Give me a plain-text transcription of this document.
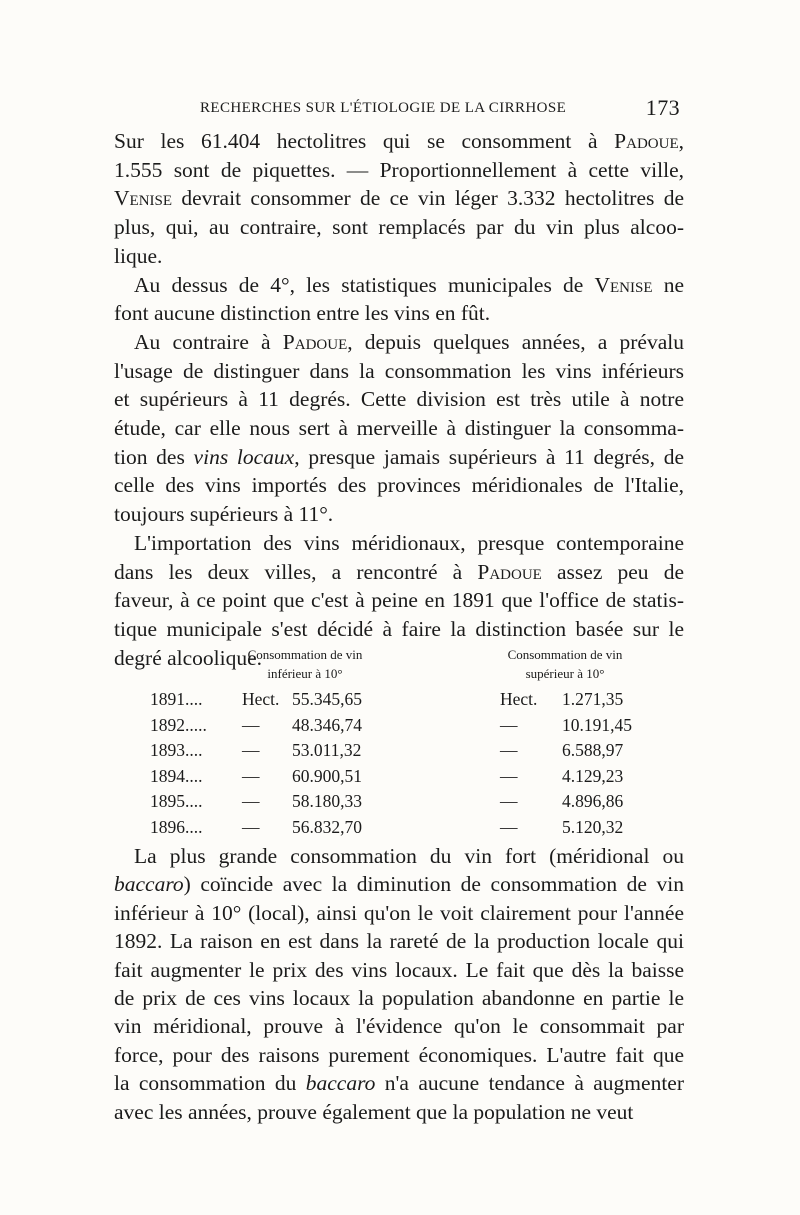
RECHERCHES SUR L'ÉTIOLOGIE DE LA CIRRHOSE	173
Sur les 61.404 hectolitres qui se consomment à Padoue,
1.555 sont de piquettes. — Proportionnellement à cette ville,
Venise devrait consommer de ce vin léger 3.332 hectolitres de
plus, qui, au contraire, sont remplacés par du vin plus alcoo-
lique.
Au dessus de 4°, les statistiques municipales de Venise ne
font aucune distinction entre les vins en fût.
Au contraire à Padoue, depuis quelques années, a prévalu
l'usage de distinguer dans la consommation les vins inférieurs
et supérieurs à 11 degrés. Cette division est très utile à notre
étude, car elle nous sert à merveille à distinguer la consomma-
tion des vins locaux, presque jamais supérieurs à 11 degrés, de
celle des vins importés des provinces méridionales de l'Italie,
toujours supérieurs à 11°.
L'importation des vins méridionaux, presque contemporaine
dans les deux villes, a rencontré à Padoue assez peu de
faveur, à ce point que c'est à peine en 1891 que l'office de statis-
tique municipale s'est décidé à faire la distinction basée sur le
degré alcoolique.
Consommation de vin
inférieur à 10°
Consommation de vin
supérieur à 10°
1891.... Hect. 55.345,65	Hect. 1.271,35
1892..... — 48.346,74	—	10.191,45
1893.... — 53.011,32	—	6.588,97
1894.... — 60.900,51	—	4.129,23
1895.... — 58.180,33	—	4.896,86
1896.... — 56.832,70	—	5.120,32
La plus grande consommation du vin fort (méridional ou
baccaro) coïncide avec la diminution de consommation de vin
inférieur à 10° (local), ainsi qu'on le voit clairement pour l'année
1892. La raison en est dans la rareté de la production locale qui
fait augmenter le prix des vins locaux. Le fait que dès la baisse
de prix de ces vins locaux la population abandonne en partie le
vin méridional, prouve à l'évidence qu'on le consommait par
force, pour des raisons purement économiques. L'autre fait que
la consommation du baccaro n'a aucune tendance à augmenter
avec les années, prouve également que la population ne veut
